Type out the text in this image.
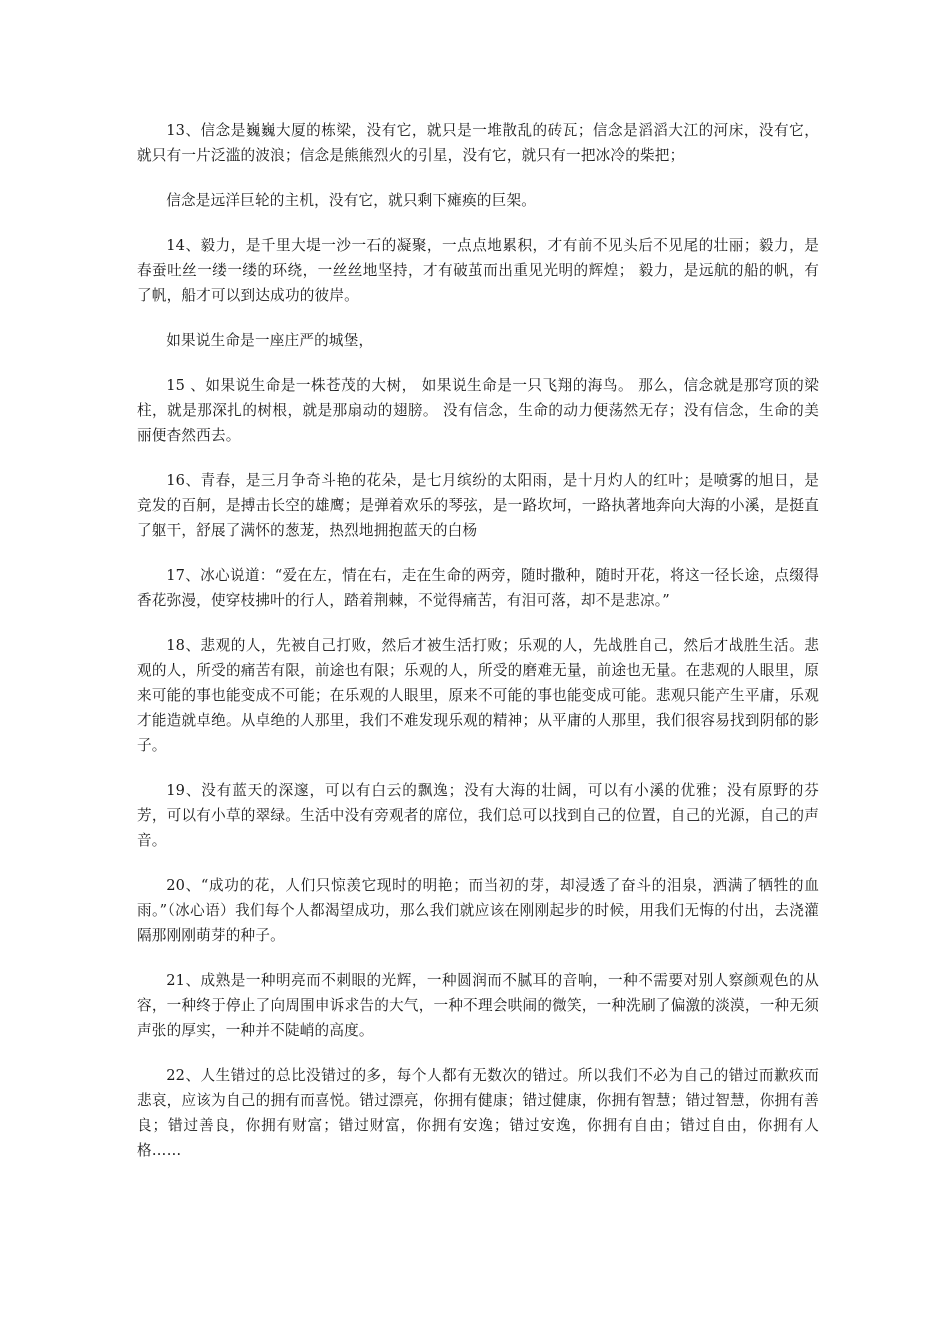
13、信念是巍巍大厦的栋梁，没有它，就只是一堆散乱的砖瓦；信念是滔滔大江的河床，没有它，就只有一片泛滥的波浪；信念是熊熊烈火的引星，没有它，就只有一把冰冷的柴把；

信念是远洋巨轮的主机，没有它，就只剩下瘫痪的巨架。

14、毅力，是千里大堤一沙一石的凝聚，一点点地累积，才有前不见头后不见尾的壮丽；毅力，是春蚕吐丝一缕一缕的环绕，一丝丝地坚持，才有破茧而出重见光明的辉煌； 毅力，是远航的船的帆，有了帆，船才可以到达成功的彼岸。

如果说生命是一座庄严的城堡，

15 、如果说生命是一株苍茂的大树， 如果说生命是一只飞翔的海鸟。 那么，信念就是那穹顶的梁柱，就是那深扎的树根，就是那扇动的翅膀。 没有信念，生命的动力便荡然无存；没有信念，生命的美丽便杳然西去。

16、青春，是三月争奇斗艳的花朵，是七月缤纷的太阳雨，是十月灼人的红叶；是喷雾的旭日，是竞发的百舸，是搏击长空的雄鹰；是弹着欢乐的琴弦，是一路坎坷，一路执著地奔向大海的小溪，是挺直了躯干，舒展了满怀的葱茏，热烈地拥抱蓝天的白杨

17、冰心说道：“爱在左，情在右，走在生命的两旁，随时撒种，随时开花，将这一径长途，点缀得香花弥漫，使穿枝拂叶的行人，踏着荆棘，不觉得痛苦，有泪可落，却不是悲凉。”

18、悲观的人，先被自己打败，然后才被生活打败；乐观的人，先战胜自己，然后才战胜生活。悲观的人，所受的痛苦有限，前途也有限；乐观的人，所受的磨难无量，前途也无量。在悲观的人眼里，原来可能的事也能变成不可能；在乐观的人眼里，原来不可能的事也能变成可能。悲观只能产生平庸，乐观才能造就卓绝。从卓绝的人那里，我们不难发现乐观的精神；从平庸的人那里，我们很容易找到阴郁的影子。

19、没有蓝天的深邃，可以有白云的飘逸；没有大海的壮阔，可以有小溪的优雅；没有原野的芬芳，可以有小草的翠绿。生活中没有旁观者的席位，我们总可以找到自己的位置，自己的光源，自己的声音。

20、“成功的花，人们只惊羡它现时的明艳；而当初的芽，却浸透了奋斗的泪泉，洒满了牺牲的血雨。”（冰心语）我们每个人都渴望成功，那么我们就应该在刚刚起步的时候，用我们无悔的付出，去浇灌隔那刚刚萌芽的种子。

21、成熟是一种明亮而不刺眼的光辉，一种圆润而不腻耳的音响，一种不需要对别人察颜观色的从容，一种终于停止了向周围申诉求告的大气，一种不理会哄闹的微笑，一种洗刷了偏激的淡漠，一种无须声张的厚实，一种并不陡峭的高度。

22、人生错过的总比没错过的多，每个人都有无数次的错过。所以我们不必为自己的错过而歉疚而悲哀，应该为自己的拥有而喜悦。错过漂亮，你拥有健康；错过健康，你拥有智慧；错过智慧，你拥有善良；错过善良，你拥有财富；错过财富，你拥有安逸；错过安逸，你拥有自由；错过自由，你拥有人格……
